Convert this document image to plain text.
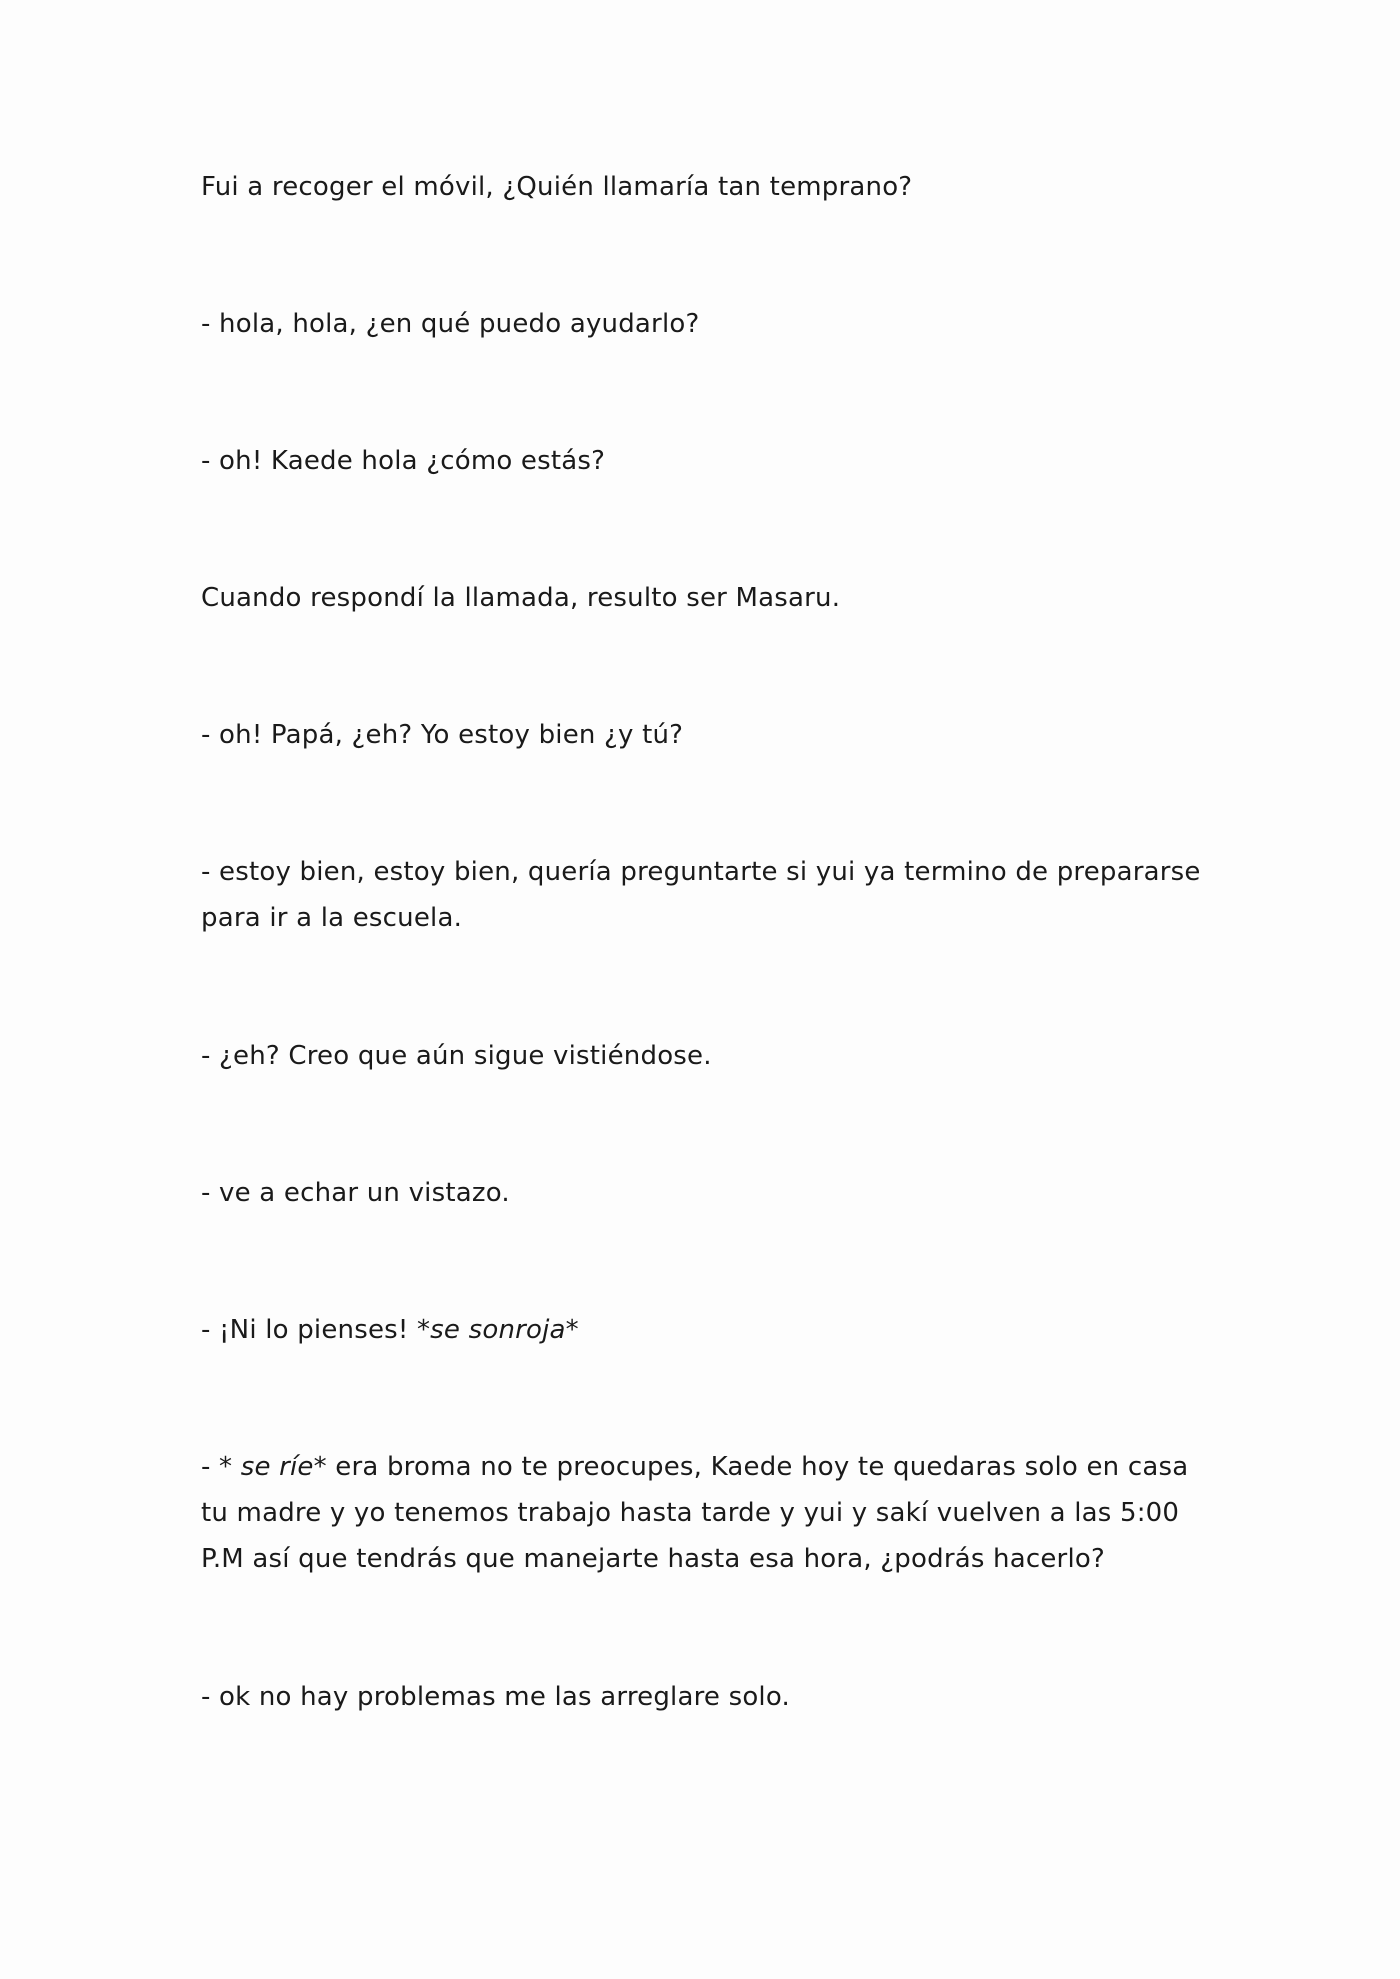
Fui a recoger el móvil, ¿Quién llamaría tan temprano?

- hola, hola, ¿en qué puedo ayudarlo?

- oh! Kaede hola ¿cómo estás?

Cuando respondí la llamada, resulto ser Masaru.

- oh! Papá, ¿eh? Yo estoy bien ¿y tú?

- estoy bien, estoy bien, quería preguntarte si yui ya termino de prepararse para ir a la escuela.

- ¿eh? Creo que aún sigue vistiéndose.

- ve a echar un vistazo.

- ¡Ni lo pienses! *se sonroja*

- * se ríe* era broma no te preocupes, Kaede hoy te quedaras solo en casa tu madre y yo tenemos trabajo hasta tarde y yui y sakí vuelven a las 5:00 P.M así que tendrás que manejarte hasta esa hora, ¿podrás hacerlo?

- ok no hay problemas me las arreglare solo.
